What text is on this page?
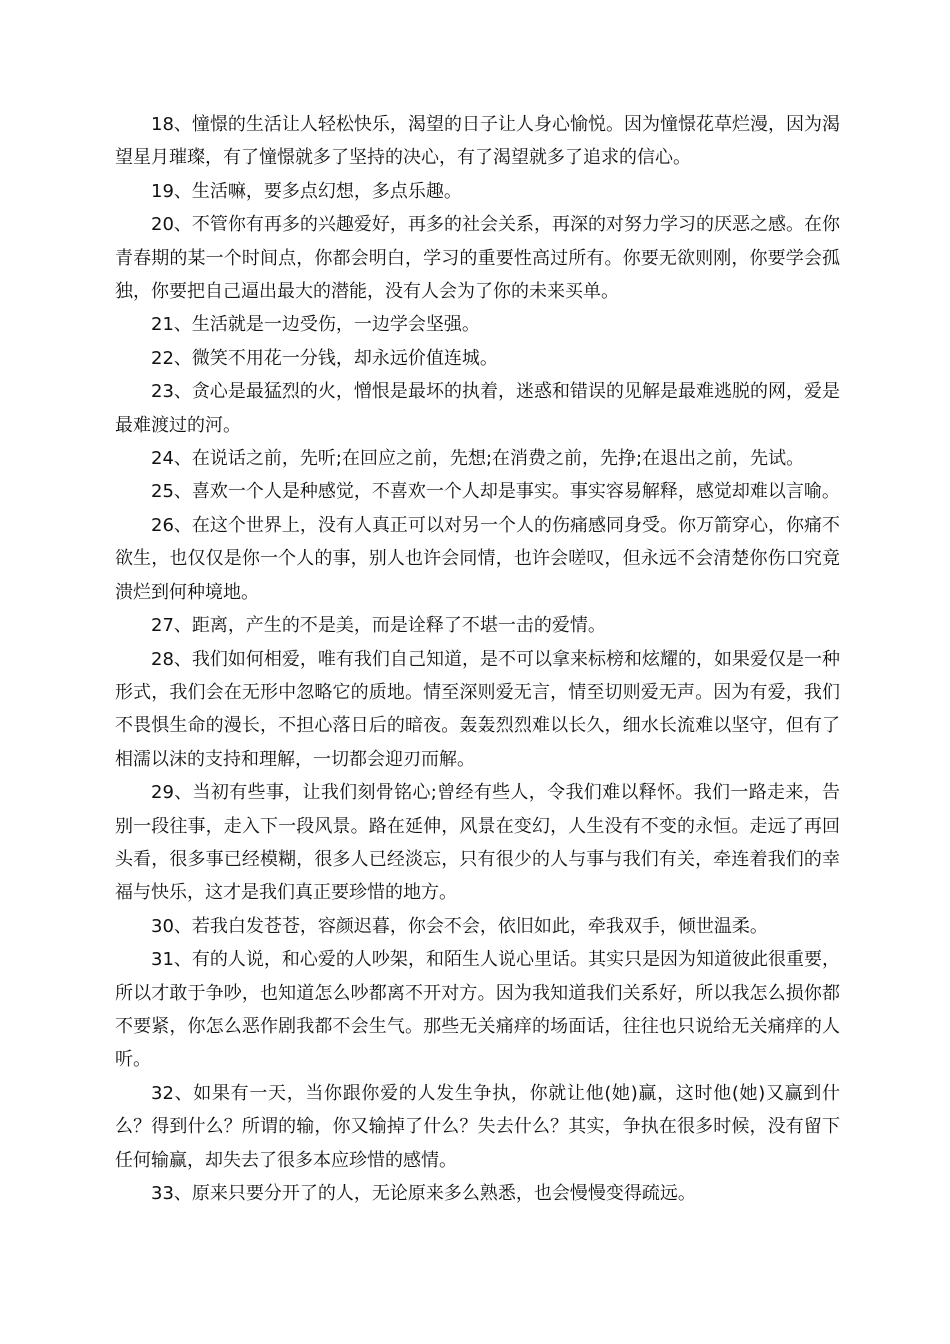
18、憧憬的生活让人轻松快乐，渴望的日子让人身心愉悦。因为憧憬花草烂漫，因为渴望星月璀璨，有了憧憬就多了坚持的决心，有了渴望就多了追求的信心。

19、生活嘛，要多点幻想，多点乐趣。

20、不管你有再多的兴趣爱好，再多的社会关系，再深的对努力学习的厌恶之感。在你青春期的某一个时间点，你都会明白，学习的重要性高过所有。你要无欲则刚，你要学会孤独，你要把自己逼出最大的潜能，没有人会为了你的未来买单。

21、生活就是一边受伤，一边学会坚强。

22、微笑不用花一分钱，却永远价值连城。

23、贪心是最猛烈的火，憎恨是最坏的执着，迷惑和错误的见解是最难逃脱的网，爱是最难渡过的河。

24、在说话之前，先听;在回应之前，先想;在消费之前，先挣;在退出之前，先试。

25、喜欢一个人是种感觉，不喜欢一个人却是事实。事实容易解释，感觉却难以言喻。

26、在这个世界上，没有人真正可以对另一个人的伤痛感同身受。你万箭穿心，你痛不欲生，也仅仅是你一个人的事，别人也许会同情，也许会嗟叹，但永远不会清楚你伤口究竟溃烂到何种境地。

27、距离，产生的不是美，而是诠释了不堪一击的爱情。

28、我们如何相爱，唯有我们自己知道，是不可以拿来标榜和炫耀的，如果爱仅是一种形式，我们会在无形中忽略它的质地。情至深则爱无言，情至切则爱无声。因为有爱，我们不畏惧生命的漫长，不担心落日后的暗夜。轰轰烈烈难以长久，细水长流难以坚守，但有了相濡以沫的支持和理解，一切都会迎刃而解。

29、当初有些事，让我们刻骨铭心;曾经有些人，令我们难以释怀。我们一路走来，告别一段往事，走入下一段风景。路在延伸，风景在变幻，人生没有不变的永恒。走远了再回头看，很多事已经模糊，很多人已经淡忘，只有很少的人与事与我们有关，牵连着我们的幸福与快乐，这才是我们真正要珍惜的地方。

30、若我白发苍苍，容颜迟暮，你会不会，依旧如此，牵我双手，倾世温柔。

31、有的人说，和心爱的人吵架，和陌生人说心里话。其实只是因为知道彼此很重要，所以才敢于争吵，也知道怎么吵都离不开对方。因为我知道我们关系好，所以我怎么损你都不要紧，你怎么恶作剧我都不会生气。那些无关痛痒的场面话，往往也只说给无关痛痒的人听。

32、如果有一天，当你跟你爱的人发生争执，你就让他(她)赢，这时他(她)又赢到什么？得到什么？所谓的输，你又输掉了什么？失去什么？其实，争执在很多时候，没有留下任何输赢，却失去了很多本应珍惜的感情。

33、原来只要分开了的人，无论原来多么熟悉，也会慢慢变得疏远。
